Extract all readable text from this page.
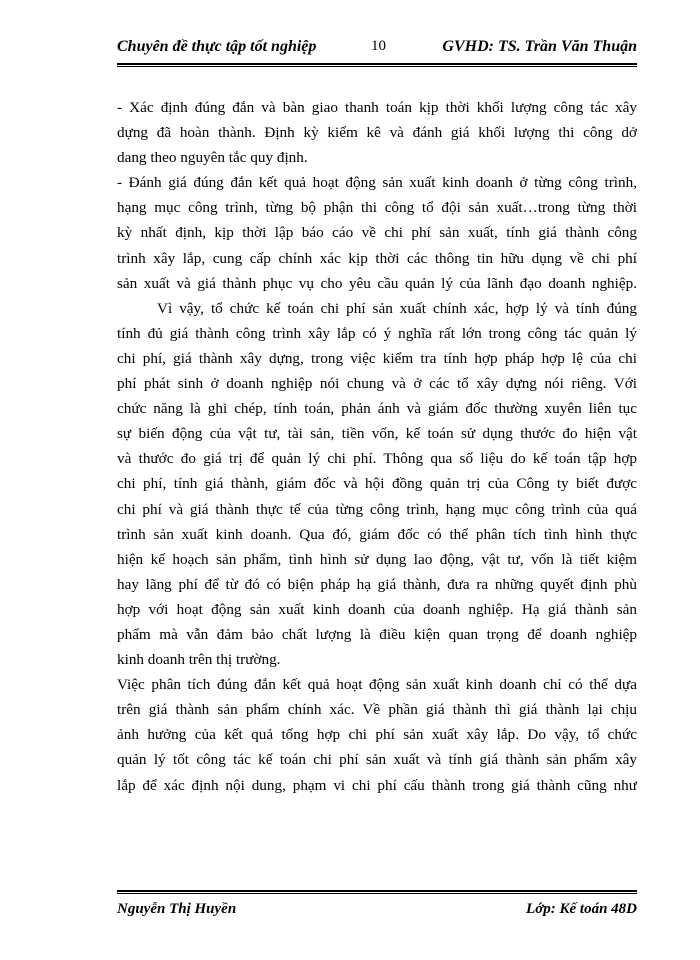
Chuyên đề thực tập tốt nghiệp	10	GVHD: TS. Trần Văn Thuận
- Xác định đúng đắn và bàn giao thanh toán kịp thời khối lượng công tác xây
dựng đã hoàn thành. Định kỳ kiểm kê và đánh giá khối lượng thi công dở
dang theo nguyên tắc quy định.
- Đánh giá đúng đắn kết quả hoạt động sản xuất kinh doanh ở từng công trình,
hạng mục công trình, từng bộ phận thi công tổ đội sản xuất…trong từng thời
kỳ nhất định, kịp thời lập báo cáo về chi phí sản xuất, tính giá thành công
trình xây lắp, cung cấp chính xác kịp thời các thông tin hữu dụng về chi phí
sản xuất và giá thành phục vụ cho yêu cầu quản lý của lãnh đạo doanh nghiệp.
Vì vậy, tổ chức kế toán chi phí sản xuất chính xác, hợp lý và tính đúng
tính đủ giá thành công trình xây lắp có ý nghĩa rất lớn trong công tác quản lý
chi phí, giá thành xây dựng, trong việc kiểm tra tính hợp pháp hợp lệ của chi
phí phát sinh ở doanh nghiệp nói chung và ở các tổ xây dựng nói riêng. Với
chức năng là ghi chép, tính toán, phản ánh và giám đốc thường xuyên liên tục
sự biến động của vật tư, tài sản, tiền vốn, kế toán sử dụng thước đo hiện vật
và thước đo giá trị để quản lý chi phí. Thông qua số liệu do kế toán tập hợp
chi phí, tính giá thành, giám đốc và hội đồng quản trị của Công ty biết được
chi phí và giá thành thực tế của từng công trình, hạng mục công trình của quá
trình sản xuất kinh doanh. Qua đó, giám đốc có thể phân tích tình hình thực
hiện kế hoạch sản phẩm, tình hình sử dụng lao động, vật tư, vốn là tiết kiệm
hay lãng phí để từ đó có biện pháp hạ giá thành, đưa ra những quyết định phù
hợp với hoạt động sản xuất kinh doanh của doanh nghiệp. Hạ giá thành sản
phẩm mà vẫn đảm bảo chất lượng là điều kiện quan trọng để doanh nghiệp
kinh doanh trên thị trường.
Việc phân tích đúng đắn kết quả hoạt động sản xuất kinh doanh chỉ có thể dựa
trên giá thành sản phẩm chính xác. Về phần giá thành thì giá thành lại chịu
ảnh hưởng của kết quả tổng hợp chi phí sản xuất xây lắp. Do vậy, tổ chức
quản lý tốt công tác kế toán chi phí sản xuất và tính giá thành sản phẩm xây
lắp để xác định nội dung, phạm vi chi phí cấu thành trong giá thành cũng như
Nguyễn Thị Huyền	Lớp: Kế toán 48D
